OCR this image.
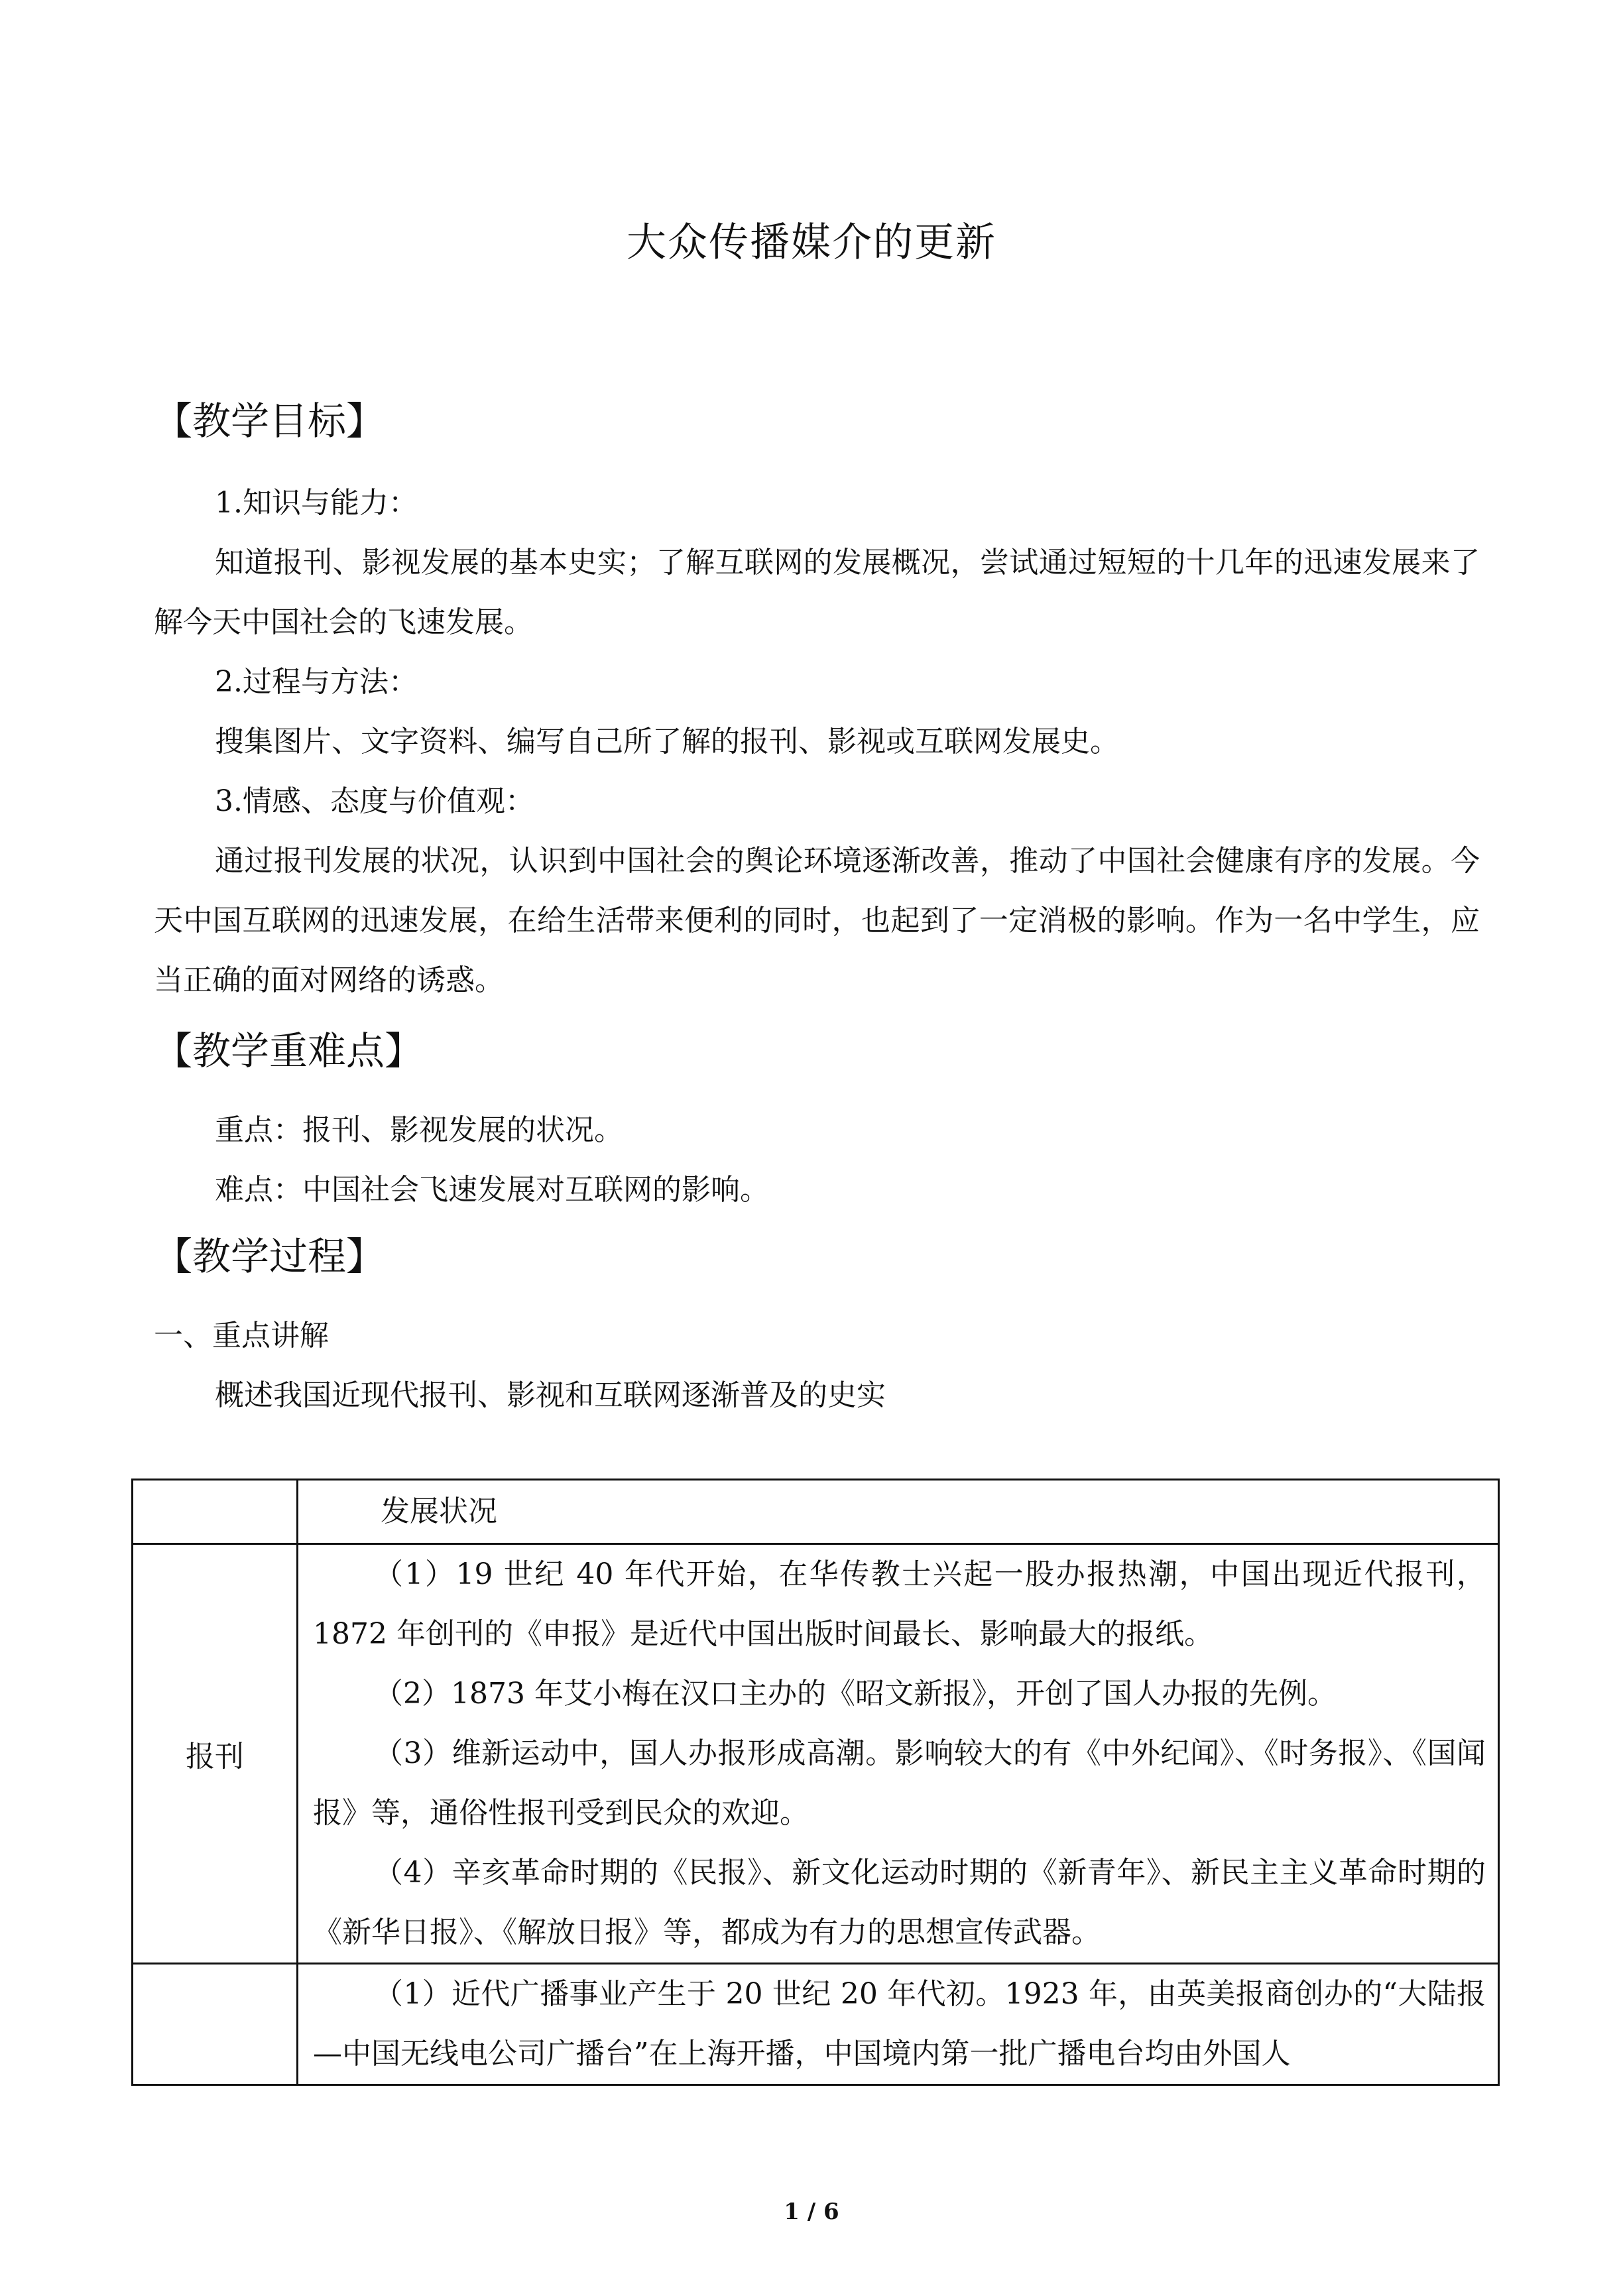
大众传播媒介的更新
【教学目标】
1.知识与能力：
知道报刊、影视发展的基本史实；了解互联网的发展概况，尝试通过短短的十几年的迅速发展来了解今天中国社会的飞速发展。
2.过程与方法：
搜集图片、文字资料、编写自己所了解的报刊、影视或互联网发展史。
3.情感、态度与价值观：
通过报刊发展的状况，认识到中国社会的舆论环境逐渐改善，推动了中国社会健康有序的发展。今天中国互联网的迅速发展，在给生活带来便利的同时，也起到了一定消极的影响。作为一名中学生，应当正确的面对网络的诱惑。
【教学重难点】
重点：报刊、影视发展的状况。
难点：中国社会飞速发展对互联网的影响。
【教学过程】
一、重点讲解
概述我国近现代报刊、影视和互联网逐渐普及的史实

	发展状况

报刊	（1）19 世纪 40 年代开始，在华传教士兴起一股办报热潮，中国出现近代报刊，1872 年创刊的《申报》是近代中国出版时间最长、影响最大的报纸。
（2）1873 年艾小梅在汉口主办的《昭文新报》，开创了国人办报的先例。
（3）维新运动中，国人办报形成高潮。影响较大的有《中外纪闻》、《时务报》、《国闻报》等，通俗性报刊受到民众的欢迎。
（4）辛亥革命时期的《民报》、新文化运动时期的《新青年》、新民主主义革命时期的《新华日报》、《解放日报》等，都成为有力的思想宣传武器。

	（1）近代广播事业产生于 20 世纪 20 年代初。1923 年，由英美报商创办的“大陆报—中国无线电公司广播台”在上海开播，中国境内第一批广播电台均由外国人
1 / 6
